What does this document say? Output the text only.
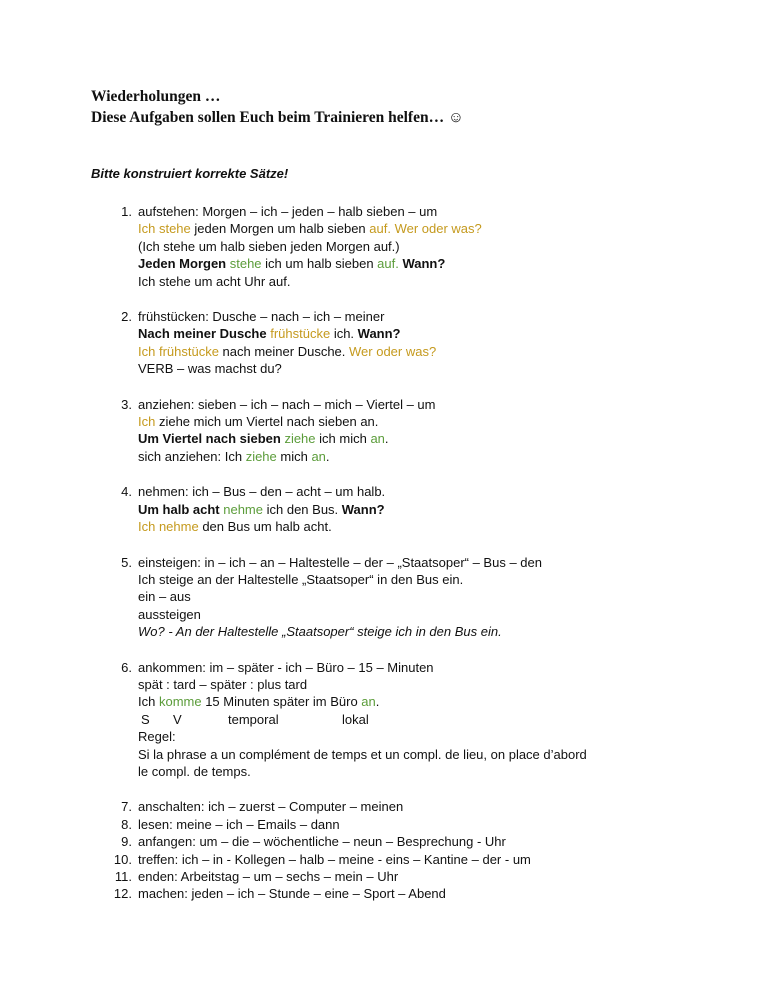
Wiederholungen …
Diese Aufgaben sollen Euch beim Trainieren helfen… ☺
Bitte konstruiert korrekte Sätze!
1. aufstehen: Morgen – ich – jeden – halb sieben – um
Ich stehe jeden Morgen um halb sieben auf. Wer oder was?
(Ich stehe um halb sieben jeden Morgen auf.)
Jeden Morgen stehe ich um halb sieben auf. Wann?
Ich stehe um acht Uhr auf.
2. frühstücken: Dusche – nach – ich – meiner
Nach meiner Dusche frühstücke ich. Wann?
Ich frühstücke nach meiner Dusche. Wer oder was?
VERB – was machst du?
3. anziehen: sieben – ich – nach – mich – Viertel – um
Ich ziehe mich um Viertel nach sieben an.
Um Viertel nach sieben ziehe ich mich an.
sich anziehen: Ich ziehe mich an.
4. nehmen: ich – Bus – den – acht – um halb.
Um halb acht nehme ich den Bus. Wann?
Ich nehme den Bus um halb acht.
5. einsteigen: in – ich – an – Haltestelle – der – „Staatsoper“ – Bus – den
Ich steige an der Haltestelle „Staatsoper“ in den Bus ein.
ein – aus
aussteigen
Wo? - An der Haltestelle „Staatsoper“ steige ich in den Bus ein.
6. ankommen: im – später - ich – Büro – 15 – Minuten
spät : tard – später : plus tard
Ich komme 15 Minuten später im Büro an.
S V	temporal	lokal
Regel:
Si la phrase a un complément de temps et un compl. de lieu, on place d’abord
le compl. de temps.
7. anschalten: ich – zuerst – Computer – meinen
8. lesen: meine – ich – Emails – dann
9. anfangen: um – die – wöchentliche – neun – Besprechung - Uhr
10. treffen: ich – in - Kollegen – halb – meine - eins – Kantine – der - um
11. enden: Arbeitstag – um – sechs – mein – Uhr
12. machen: jeden – ich – Stunde – eine – Sport – Abend
